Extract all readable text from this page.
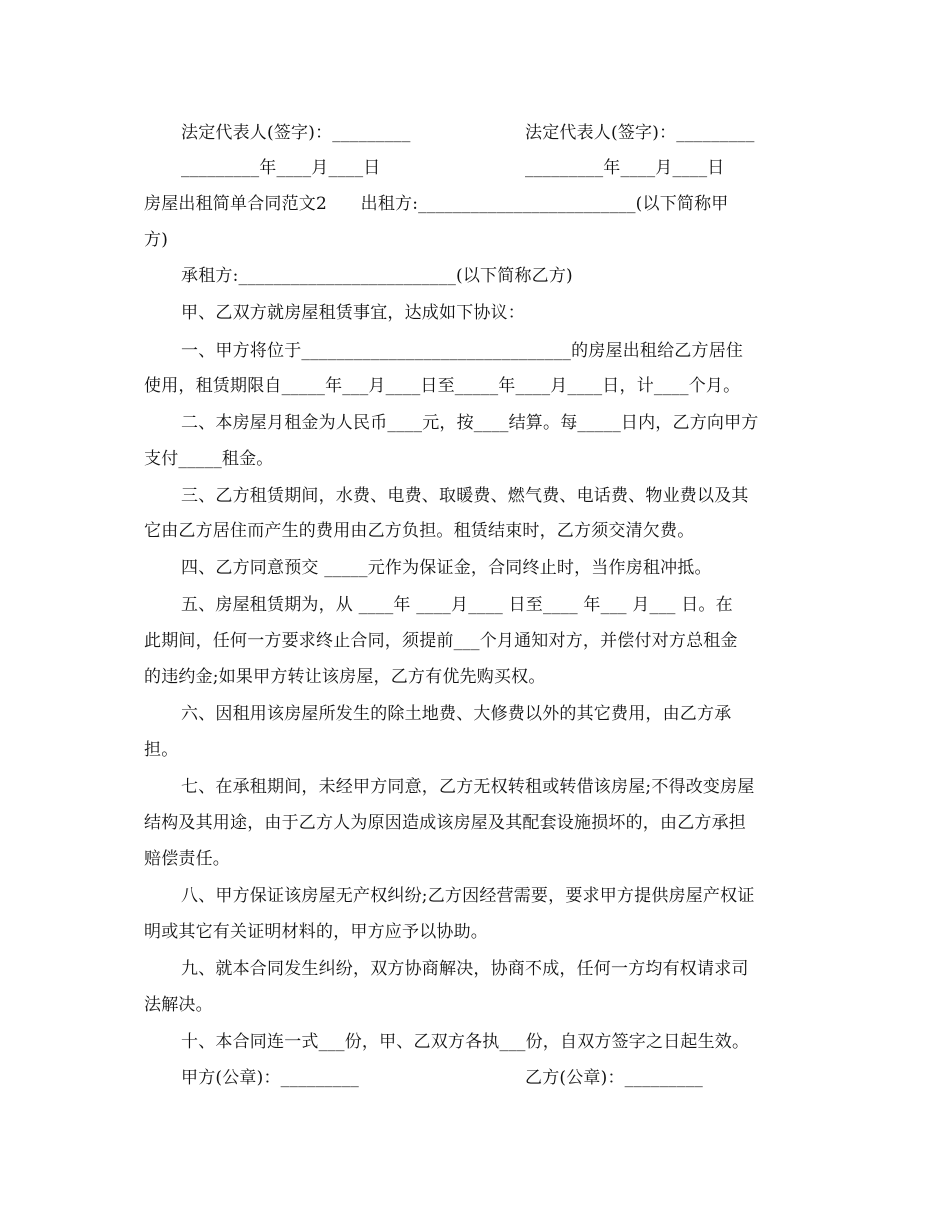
法定代表人(签字)：_________	法定代表人(签字)：_________
_________年____月____日	_________年____月____日
房屋出租简单合同范文2      出租方:_________________________(以下简称甲
方)
承租方:_________________________(以下简称乙方)
甲、乙双方就房屋租赁事宜，达成如下协议：
一、甲方将位于_______________________________的房屋出租给乙方居住
使用，租赁期限自_____年___月____日至_____年____月____日，计____个月。
二、本房屋月租金为人民币____元，按____结算。每_____日内，乙方向甲方
支付_____租金。
三、乙方租赁期间，水费、电费、取暖费、燃气费、电话费、物业费以及其
它由乙方居住而产生的费用由乙方负担。租赁结束时，乙方须交清欠费。
四、乙方同意预交 _____元作为保证金，合同终止时，当作房租冲抵。
五、房屋租赁期为，从 ____年 ____月____ 日至____ 年___ 月___ 日。在
此期间，任何一方要求终止合同，须提前___个月通知对方，并偿付对方总租金
的违约金;如果甲方转让该房屋，乙方有优先购买权。
六、因租用该房屋所发生的除土地费、大修费以外的其它费用，由乙方承
担。
七、在承租期间，未经甲方同意，乙方无权转租或转借该房屋;不得改变房屋
结构及其用途，由于乙方人为原因造成该房屋及其配套设施损坏的，由乙方承担
赔偿责任。
八、甲方保证该房屋无产权纠纷;乙方因经营需要，要求甲方提供房屋产权证
明或其它有关证明材料的，甲方应予以协助。
九、就本合同发生纠纷，双方协商解决，协商不成，任何一方均有权请求司
法解决。
十、本合同连一式___份，甲、乙双方各执___份，自双方签字之日起生效。
甲方(公章)：_________	乙方(公章)：_________
